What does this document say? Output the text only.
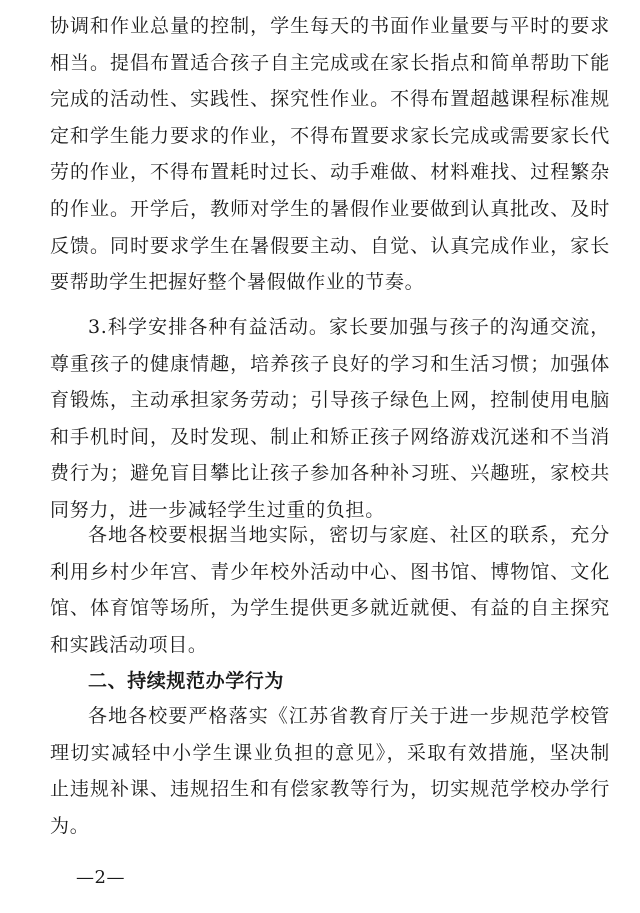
协调和作业总量的控制，学生每天的书面作业量要与平时的要求相当。提倡布置适合孩子自主完成或在家长指点和简单帮助下能完成的活动性、实践性、探究性作业。不得布置超越课程标准规定和学生能力要求的作业，不得布置要求家长完成或需要家长代劳的作业，不得布置耗时过长、动手难做、材料难找、过程繁杂的作业。开学后，教师对学生的暑假作业要做到认真批改、及时反馈。同时要求学生在暑假要主动、自觉、认真完成作业，家长要帮助学生把握好整个暑假做作业的节奏。
3.科学安排各种有益活动。家长要加强与孩子的沟通交流，尊重孩子的健康情趣，培养孩子良好的学习和生活习惯；加强体育锻炼，主动承担家务劳动；引导孩子绿色上网，控制使用电脑和手机时间，及时发现、制止和矫正孩子网络游戏沉迷和不当消费行为；避免盲目攀比让孩子参加各种补习班、兴趣班，家校共同努力，进一步减轻学生过重的负担。
各地各校要根据当地实际，密切与家庭、社区的联系，充分利用乡村少年宫、青少年校外活动中心、图书馆、博物馆、文化馆、体育馆等场所，为学生提供更多就近就便、有益的自主探究和实践活动项目。
二、持续规范办学行为
各地各校要严格落实《江苏省教育厅关于进一步规范学校管理切实减轻中小学生课业负担的意见》，采取有效措施，坚决制止违规补课、违规招生和有偿家教等行为，切实规范学校办学行为。
—2—
